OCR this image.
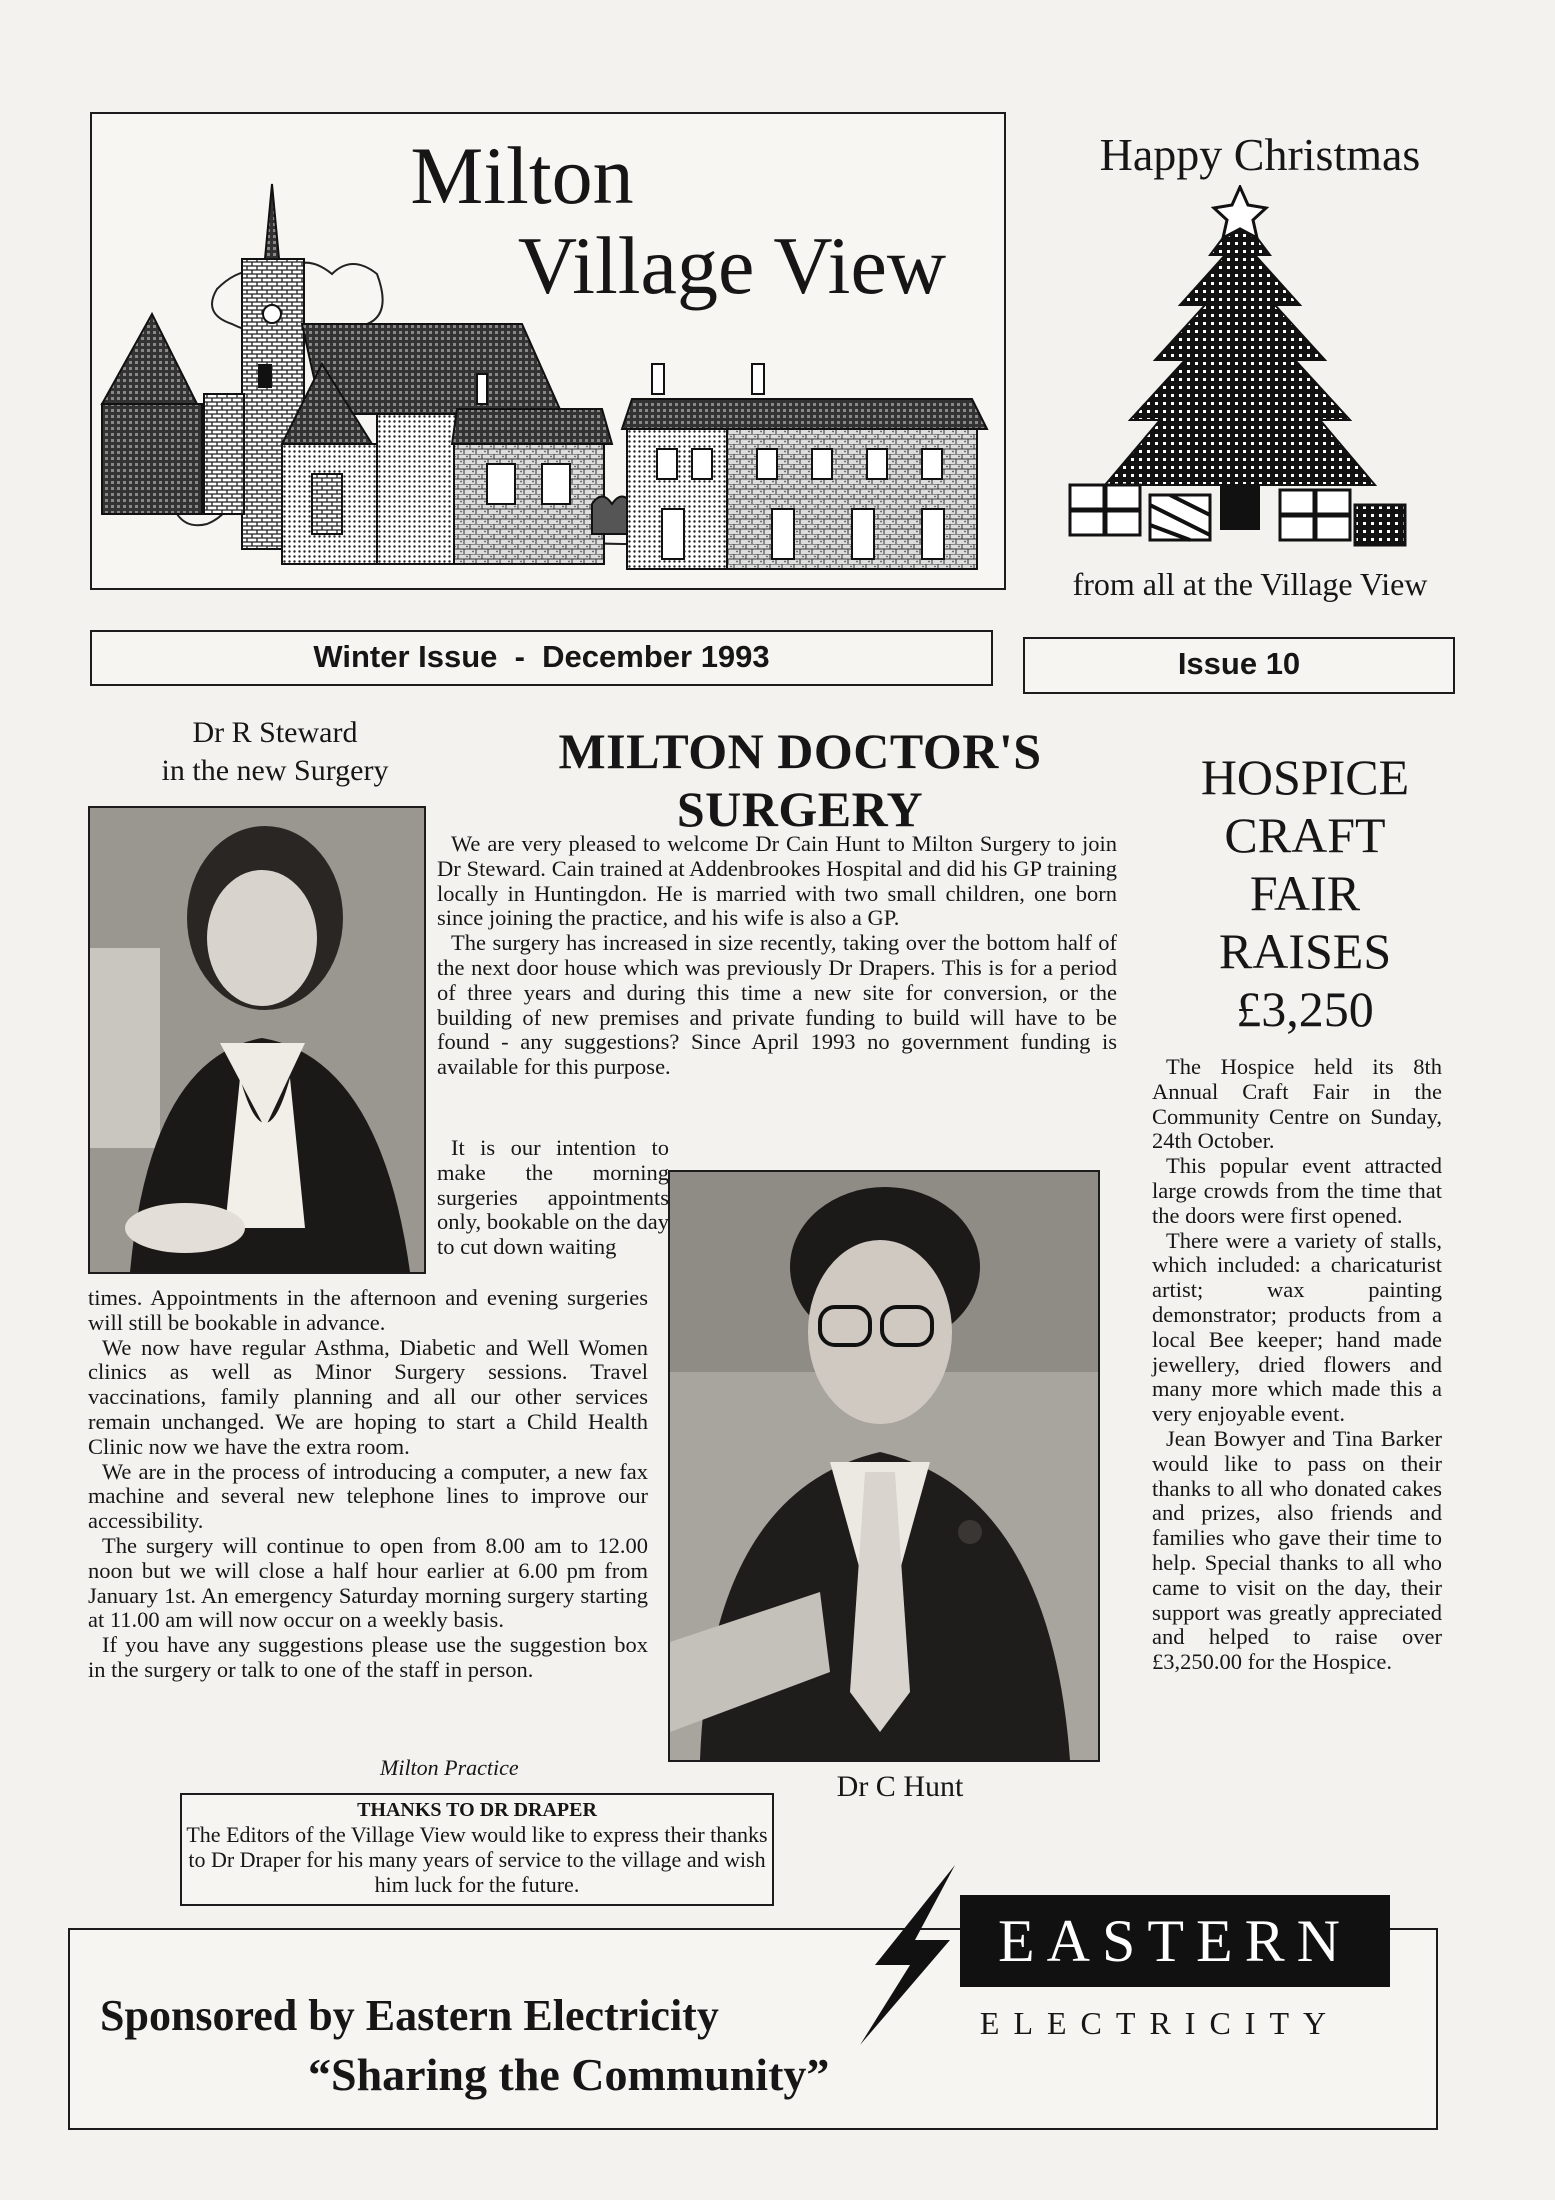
Milton
Village View
Happy Christmas
from all at the Village View
Winter Issue  -  December 1993	Issue 10
Dr R Steward
in the new Surgery	MILTON DOCTOR'S
SURGERY

We are very pleased to welcome Dr Cain Hunt to Milton Surgery to join Dr Steward. Cain trained at Addenbrookes Hospital and did his GP training locally in Huntingdon. He is married with two small children, one born since joining the practice, and his wife is also a GP.

The surgery has increased in size recently, taking over the bottom half of the next door house which was previously Dr Drapers. This is for a period of three years and during this time a new site for conversion, or the building of new premises and private funding to build will have to be found - any suggestions? Since April 1993 no government funding is available for this purpose.

It is our intention to make the morning surgeries appointments only, bookable on the day to cut down waiting

times. Appointments in the afternoon and evening surgeries will still be bookable in advance.

We now have regular Asthma, Diabetic and Well Women clinics as well as Minor Surgery sessions. Travel vaccinations, family planning and all our other services remain unchanged. We are hoping to start a Child Health Clinic now we have the extra room.

We are in the process of introducing a computer, a new fax machine and several new telephone lines to improve our accessibility.

The surgery will continue to open from 8.00 am to 12.00 noon but we will close a half hour earlier at 6.00 pm from January 1st. An emergency Saturday morning surgery starting at 11.00 am will now occur on a weekly basis.

If you have any suggestions please use the suggestion box in the surgery or talk to one of the staff in person.

Milton Practice
Dr C Hunt
THANKS TO DR DRAPER
The Editors of the Village View would like to express their thanks to Dr Draper for his many years of service to the village and wish him luck for the future.
HOSPICE
CRAFT
FAIR
RAISES
£3,250

The Hospice held its 8th Annual Craft Fair in the Community Centre on Sunday, 24th October.

This popular event attracted large crowds from the time that the doors were first opened.

There were a variety of stalls, which included: a charicaturist artist; wax painting demonstrator; products from a local Bee keeper; hand made jewellery, dried flowers and many more which made this a very enjoyable event.

Jean Bowyer and Tina Barker would like to pass on their thanks to all who donated cakes and prizes, also friends and families who gave their time to help. Special thanks to all who came to visit on the day, their support was greatly appreciated and helped to raise over £3,250.00 for the Hospice.

Sponsored by Eastern Electricity
“Sharing the Community”
EASTERN
ELECTRICITY
